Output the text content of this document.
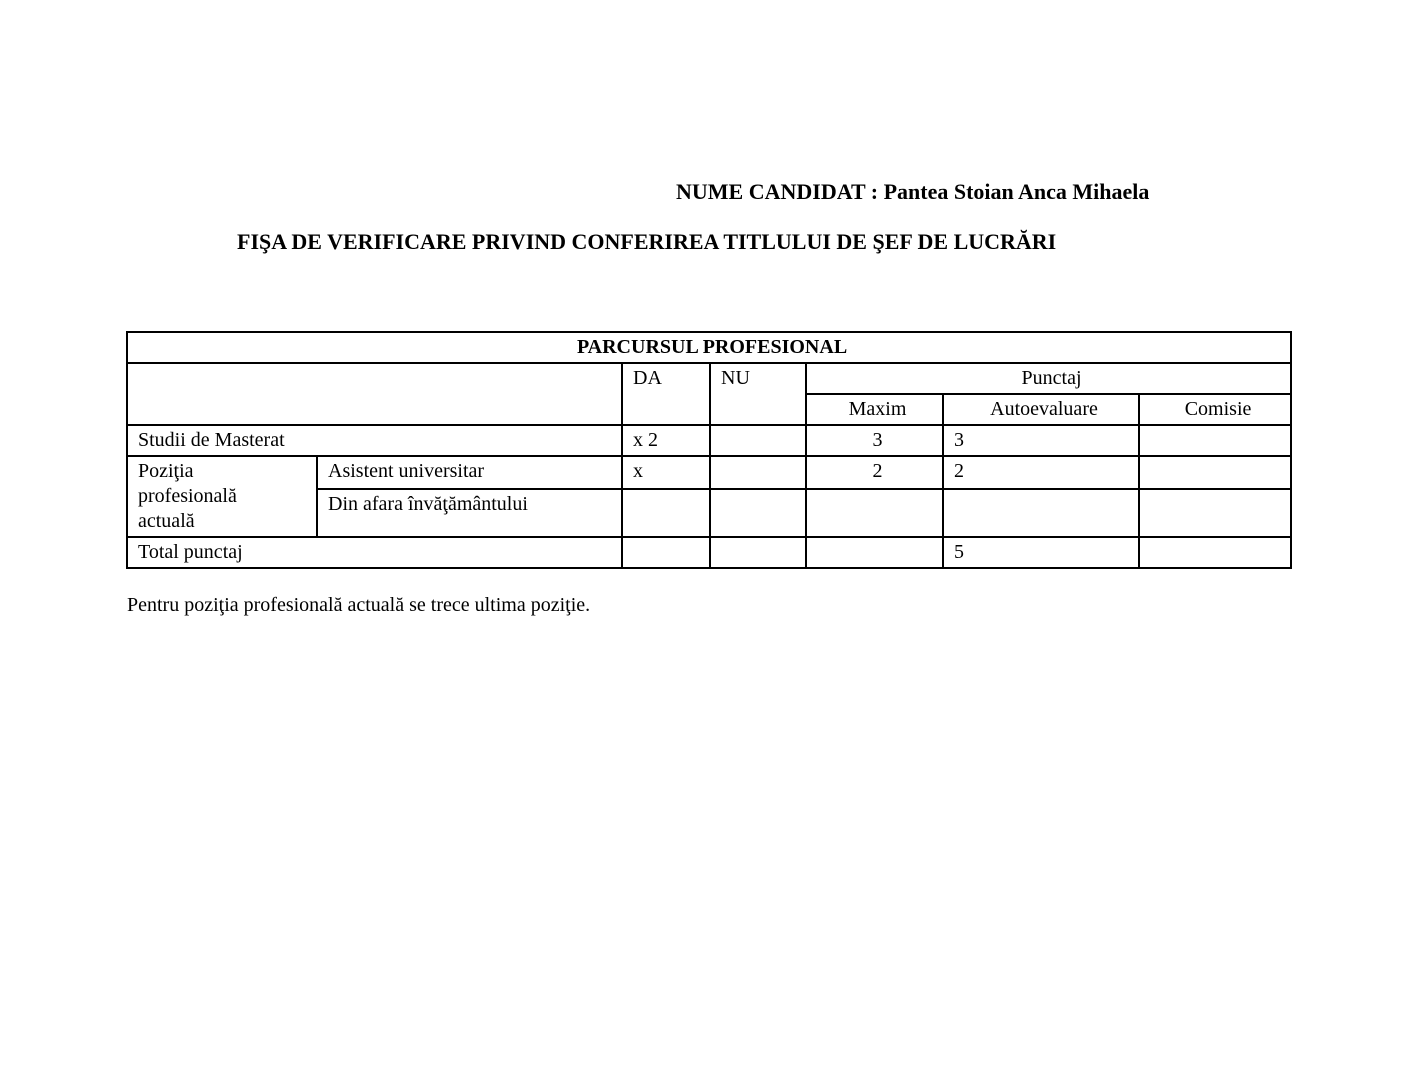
NUME CANDIDAT : Pantea Stoian Anca Mihaela
FIŞA DE VERIFICARE PRIVIND CONFERIREA TITLULUI DE ŞEF DE LUCRĂRI
PARCURSUL PROFESIONAL						
		DA	NU	Punctaj		
				Maxim	Autoevaluare	Comisie
Studii de Masterat		x 2		3	3	
Poziţia profesională actuală	Asistent universitar	x		2	2	
	Din afara învăţământului					
Total punctaj					5	
Pentru poziţia profesională actuală se trece ultima poziţie.
